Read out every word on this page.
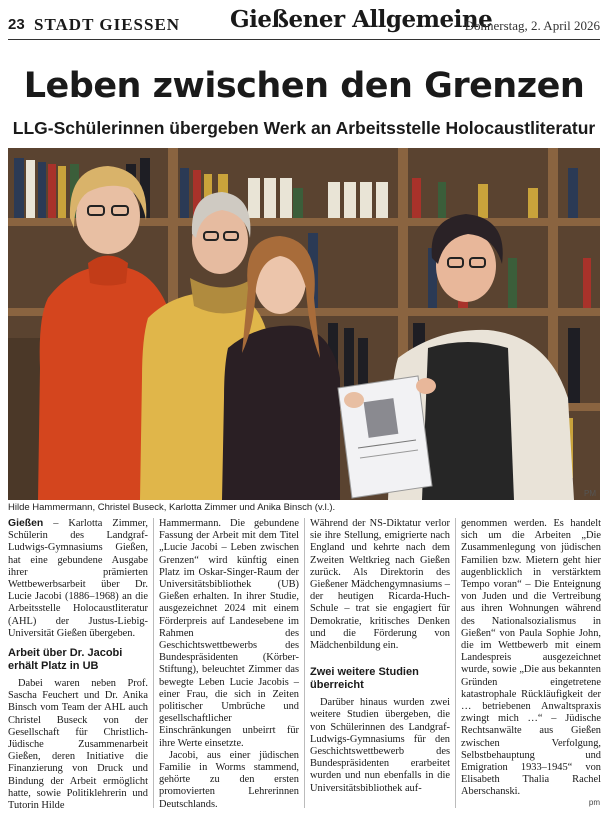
23 STADT GIESSEN Gießener Allgemeine
Donnerstag, 2. April 2026
Leben zwischen den Grenzen
LLG-Schülerinnen übergeben Werk an Arbeitsstelle Holocaustliteratur
PM

Hilde Hammermann, Christel Buseck, Karlotta Zimmer und Anika Binsch (v.l.).

Gießen – Karlotta Zimmer, Schülerin des Landgraf-Ludwigs-Gymnasiums Gießen, hat eine gebundene Ausgabe ihrer prämierten Wettbewerbsarbeit über Dr. Lucie Jacobi (1886–1968) an die Arbeitsstelle Holocaustliteratur (AHL) der Justus-Liebig-Universität Gießen übergeben.

Arbeit über Dr. Jacobi erhält Platz in UB

Dabei waren neben Prof. Sascha Feuchert und Dr. Anika Binsch vom Team der AHL auch Christel Buseck von der Gesellschaft für Christlich-Jüdische Zusammenarbeit Gießen, deren Initiative die Finanzierung von Druck und Bindung der Arbeit ermöglicht hatte, sowie Politiklehrerin und Tutorin Hilde

Hammermann. Die gebundene Fassung der Arbeit mit dem Titel „Lucie Jacobi – Leben zwischen Grenzen“ wird künftig einen Platz im Oskar-Singer-Raum der Universitätsbibliothek (UB) Gießen erhalten. In ihrer Studie, ausgezeichnet 2024 mit einem Förderpreis auf Landesebene im Rahmen des Geschichtswettbewerbs des Bundespräsidenten (Körber-Stiftung), beleuchtet Zimmer das bewegte Leben Lucie Jacobis – einer Frau, die sich in Zeiten politischer Umbrüche und gesellschaftlicher Einschränkungen unbeirrt für ihre Werte einsetzte.

Jacobi, aus einer jüdischen Familie in Worms stammend, gehörte zu den ersten promovierten Lehrerinnen Deutschlands.

Während der NS-Diktatur verlor sie ihre Stellung, emigrierte nach England und kehrte nach dem Zweiten Weltkrieg nach Gießen zurück. Als Direktorin des Gießener Mädchengymnasiums – der heutigen Ricarda-Huch-Schule – trat sie engagiert für Demokratie, kritisches Denken und die Förderung von Mädchenbildung ein.

Zwei weitere Studien überreicht

Darüber hinaus wurden zwei weitere Studien übergeben, die von Schülerinnen des Landgraf-Ludwigs-Gymnasiums für den Geschichtswettbewerb des Bundespräsidenten erarbeitet wurden und nun ebenfalls in die Universitätsbibliothek auf-

genommen werden. Es handelt sich um die Arbeiten „Die Zusammenlegung von jüdischen Familien bzw. Mietern geht hier augenblicklich in verstärktem Tempo voran“ – Die Enteignung von Juden und die Vertreibung aus ihren Wohnungen während des Nationalsozialismus in Gießen“ von Paula Sophie John, die im Wettbewerb mit einem Landespreis ausgezeichnet wurde, sowie „Die aus bekannten Gründen eingetretene katastrophale Rückläufigkeit der … betriebenen Anwaltspraxis zwingt mich …“ – Jüdische Rechtsanwälte aus Gießen zwischen Verfolgung, Selbstbehauptung und Emigration 1933–1945“ von Elisabeth Thalia Rachel Aberschanski.

pm
